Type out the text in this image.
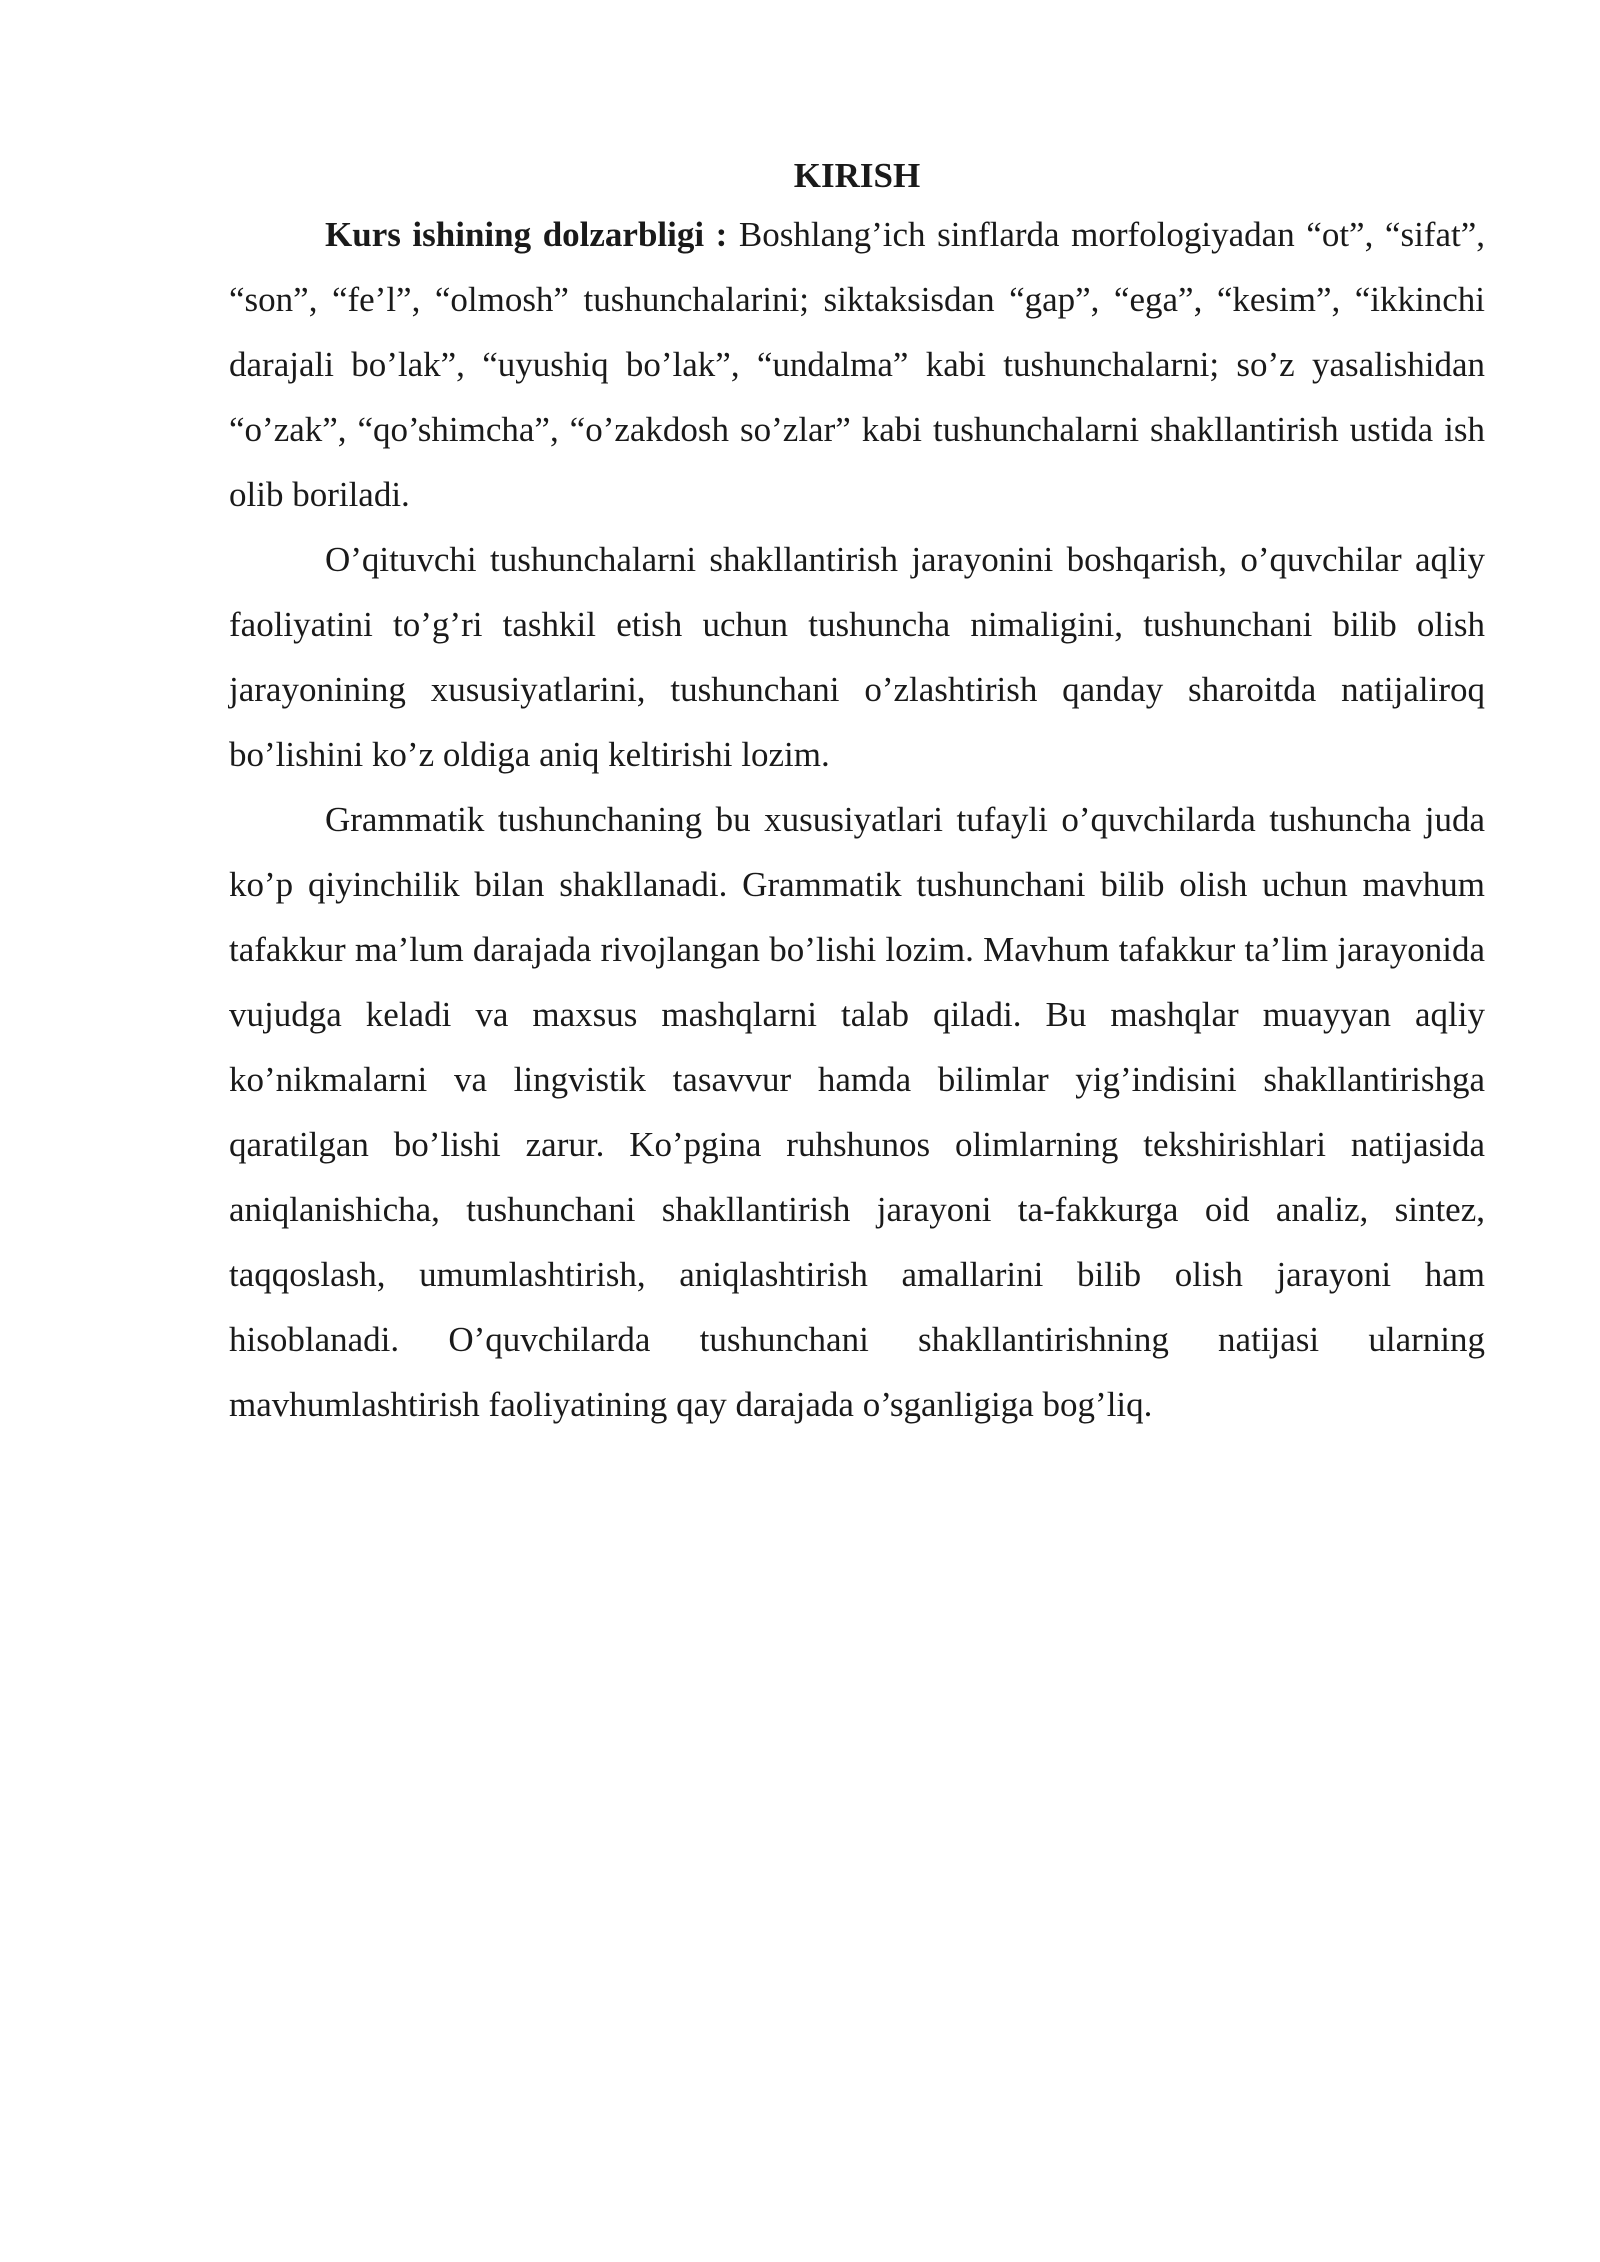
KIRISH

Kurs ishining dolzarbligi : Boshlang’ich sinflarda morfologiyadan “ot”, “sifat”, “son”, “fe’l”, “olmosh” tushunchalarini; siktaksisdan “gap”, “ega”, “kesim”, “ikkinchi darajali bo’lak”, “uyushiq bo’lak”, “undalma” kabi tushunchalarni; so’z yasalishidan “o’zak”, “qo’shimcha”, “o’zakdosh so’zlar” kabi tushunchalarni shakllantirish ustida ish olib boriladi.

O’qituvchi tushunchalarni shakllantirish jarayonini boshqarish, o’quvchilar aqliy faoliyatini to’g’ri tashkil etish uchun tushuncha nimaligini, tushunchani bilib olish jarayonining xususiyatlarini, tushunchani o’zlashtirish qanday sharoitda natijaliroq bo’lishini ko’z oldiga aniq keltirishi lozim.

Grammatik tushunchaning bu xususiyatlari tufayli o’quvchilarda tushuncha juda ko’p qiyinchilik bilan shakllanadi. Grammatik tushunchani bilib olish uchun mavhum tafakkur ma’lum darajada rivojlangan bo’lishi lozim. Mavhum tafakkur ta’lim jarayonida vujudga keladi va maxsus mashqlarni talab qiladi. Bu mashqlar muayyan aqliy ko’nikmalarni va lingvistik tasavvur hamda bilimlar yig’indisini shakllantirishga qaratilgan bo’lishi zarur. Ko’pgina ruhshunos olimlarning tekshirishlari natijasida aniqlanishicha, tushunchani shakllantirish jarayoni ta-fakkurga oid analiz, sintez, taqqoslash, umumlashtirish, aniqlashtirish amallarini bilib olish jarayoni ham hisoblanadi. O’quvchilarda tushunchani shakllantirishning natijasi ularning mavhumlashtirish faoliyatining qay darajada o’sganligiga bog’liq.
